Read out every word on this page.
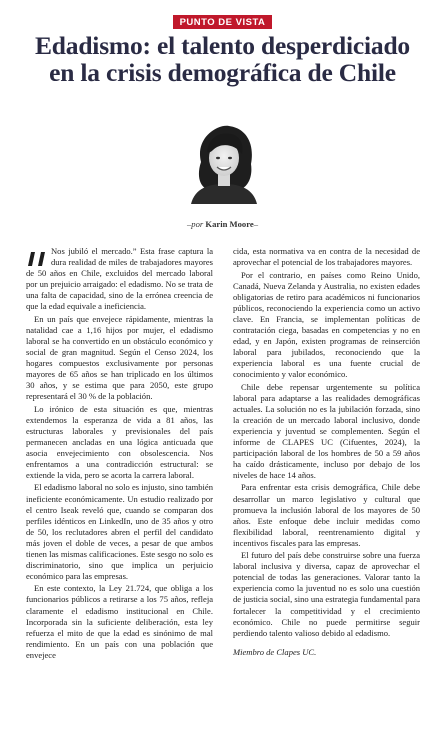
PUNTO DE VISTA
Edadismo: el talento desperdiciado en la crisis demográfica de Chile
–por Karin Moore–

Nos jubiló el mercado.” Esta frase captura la dura realidad de miles de trabajadores mayores de 50 años en Chile, excluidos del mercado laboral por un prejuicio arraigado: el edadismo. No se trata de una falta de capacidad, sino de la errónea creencia de que la edad equivale a ineficiencia.

En un país que envejece rápidamente, mientras la natalidad cae a 1,16 hijos por mujer, el edadismo laboral se ha convertido en un obstáculo económico y social de gran magnitud. Según el Censo 2024, los hogares compuestos exclusivamente por personas mayores de 65 años se han triplicado en los últimos 30 años, y se estima que para 2050, este grupo representará el 30 % de la población.

Lo irónico de esta situación es que, mientras extendemos la esperanza de vida a 81 años, las estructuras laborales y previsionales del país permanecen ancladas en una lógica anticuada que asocia envejecimiento con obsolescencia. Nos enfrentamos a una contradicción estructural: se extiende la vida, pero se acorta la carrera laboral.

El edadismo laboral no solo es injusto, sino también ineficiente económicamente. Un estudio realizado por el centro Iseak reveló que, cuando se comparan dos perfiles idénticos en LinkedIn, uno de 35 años y otro de 50, los reclutadores abren el perfil del candidato más joven el doble de veces, a pesar de que ambos tienen las mismas calificaciones. Este sesgo no solo es discriminatorio, sino que implica un perjuicio económico para las empresas.

En este contexto, la Ley 21.724, que obliga a los funcionarios públicos a retirarse a los 75 años, refleja claramente el edadismo institucional en Chile. Incorporada sin la suficiente deliberación, esta ley refuerza el mito de que la edad es sinónimo de mal rendimiento. En un país con una población que envejece

cida, esta normativa va en contra de la necesidad de aprovechar el potencial de los trabajadores mayores.

Por el contrario, en países como Reino Unido, Canadá, Nueva Zelanda y Australia, no existen edades obligatorias de retiro para académicos ni funcionarios públicos, reconociendo la experiencia como un activo clave. En Francia, se implementan políticas de contratación ciega, basadas en competencias y no en edad, y en Japón, existen programas de reinserción laboral para jubilados, reconociendo que la experiencia laboral es una fuente crucial de conocimiento y valor económico.

Chile debe repensar urgentemente su política laboral para adaptarse a las realidades demográficas actuales. La solución no es la jubilación forzada, sino la creación de un mercado laboral inclusivo, donde experiencia y juventud se complementen. Según el informe de CLAPES UC (Cifuentes, 2024), la participación laboral de los hombres de 50 a 59 años ha caído drásticamente, incluso por debajo de los niveles de hace 14 años.

Para enfrentar esta crisis demográfica, Chile debe desarrollar un marco legislativo y cultural que promueva la inclusión laboral de los mayores de 50 años. Este enfoque debe incluir medidas como flexibilidad laboral, reentrenamiento digital y incentivos fiscales para las empresas.

El futuro del país debe construirse sobre una fuerza laboral inclusiva y diversa, capaz de aprovechar el potencial de todas las generaciones. Valorar tanto la experiencia como la juventud no es solo una cuestión de justicia social, sino una estrategia fundamental para fortalecer la competitividad y el crecimiento económico. Chile no puede permitirse seguir perdiendo talento valioso debido al edadismo.

Miembro de Clapes UC.
